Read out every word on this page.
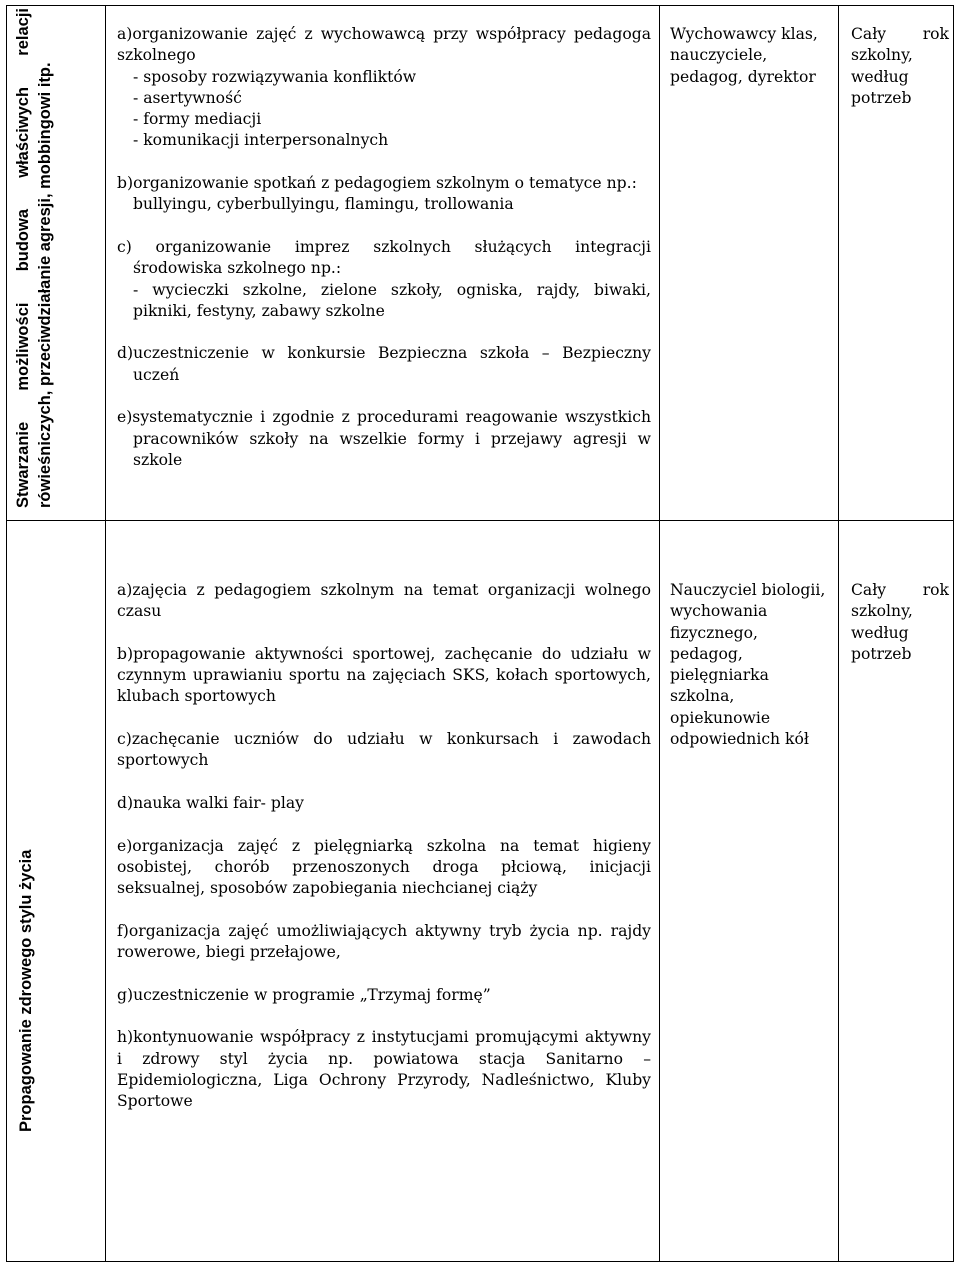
Stwarzanie możliwości budowa właściwych relacji rówieśniczych, przeciwdziałanie agresji, mobbingowi itp.

a)organizowanie zajęć z wychowawcą przy współpracy pedagoga szkolnego

- sposoby rozwiązywania konfliktów

- asertywność

- formy mediacji

- komunikacji interpersonalnych

b)organizowanie spotkań z pedagogiem szkolnym o tematyce np.:

bullyingu, cyberbullyingu, flamingu, trollowania

c) organizowanie imprez szkolnych służących integracji środowiska szkolnego np.:

- wycieczki szkolne, zielone szkoły, ogniska, rajdy, biwaki, pikniki, festyny, zabawy szkolne

d)uczestniczenie w konkursie Bezpieczna szkoła – Bezpieczny uczeń

e)systematycznie i zgodnie z procedurami reagowanie wszystkich pracowników szkoły na wszelkie formy i przejawy agresji w szkole

Wychowawcy klas, nauczyciele, pedagog, dyrektor

Cały rok szkolny, według potrzeb

Propagowanie zdrowego stylu życia

a)zajęcia z pedagogiem szkolnym na temat organizacji wolnego czasu

b)propagowanie aktywności sportowej, zachęcanie do udziału w czynnym uprawianiu sportu na zajęciach SKS, kołach sportowych, klubach sportowych

c)zachęcanie uczniów do udziału w konkursach i zawodach sportowych

d)nauka walki fair- play

e)organizacja zajęć z pielęgniarką szkolna na temat higieny osobistej, chorób przenoszonych droga płciową, inicjacji seksualnej, sposobów zapobiegania niechcianej ciąży

f)organizacja zajęć umożliwiających aktywny tryb życia np. rajdy rowerowe, biegi przełajowe,

g)uczestniczenie w programie „Trzymaj formę”

h)kontynuowanie współpracy z instytucjami promującymi aktywny i zdrowy styl życia np. powiatowa stacja Sanitarno – Epidemiologiczna, Liga Ochrony Przyrody, Nadleśnictwo, Kluby Sportowe

Nauczyciel biologii, wychowania fizycznego, pedagog, pielęgniarka szkolna, opiekunowie odpowiednich kół

Cały rok szkolny, według potrzeb
